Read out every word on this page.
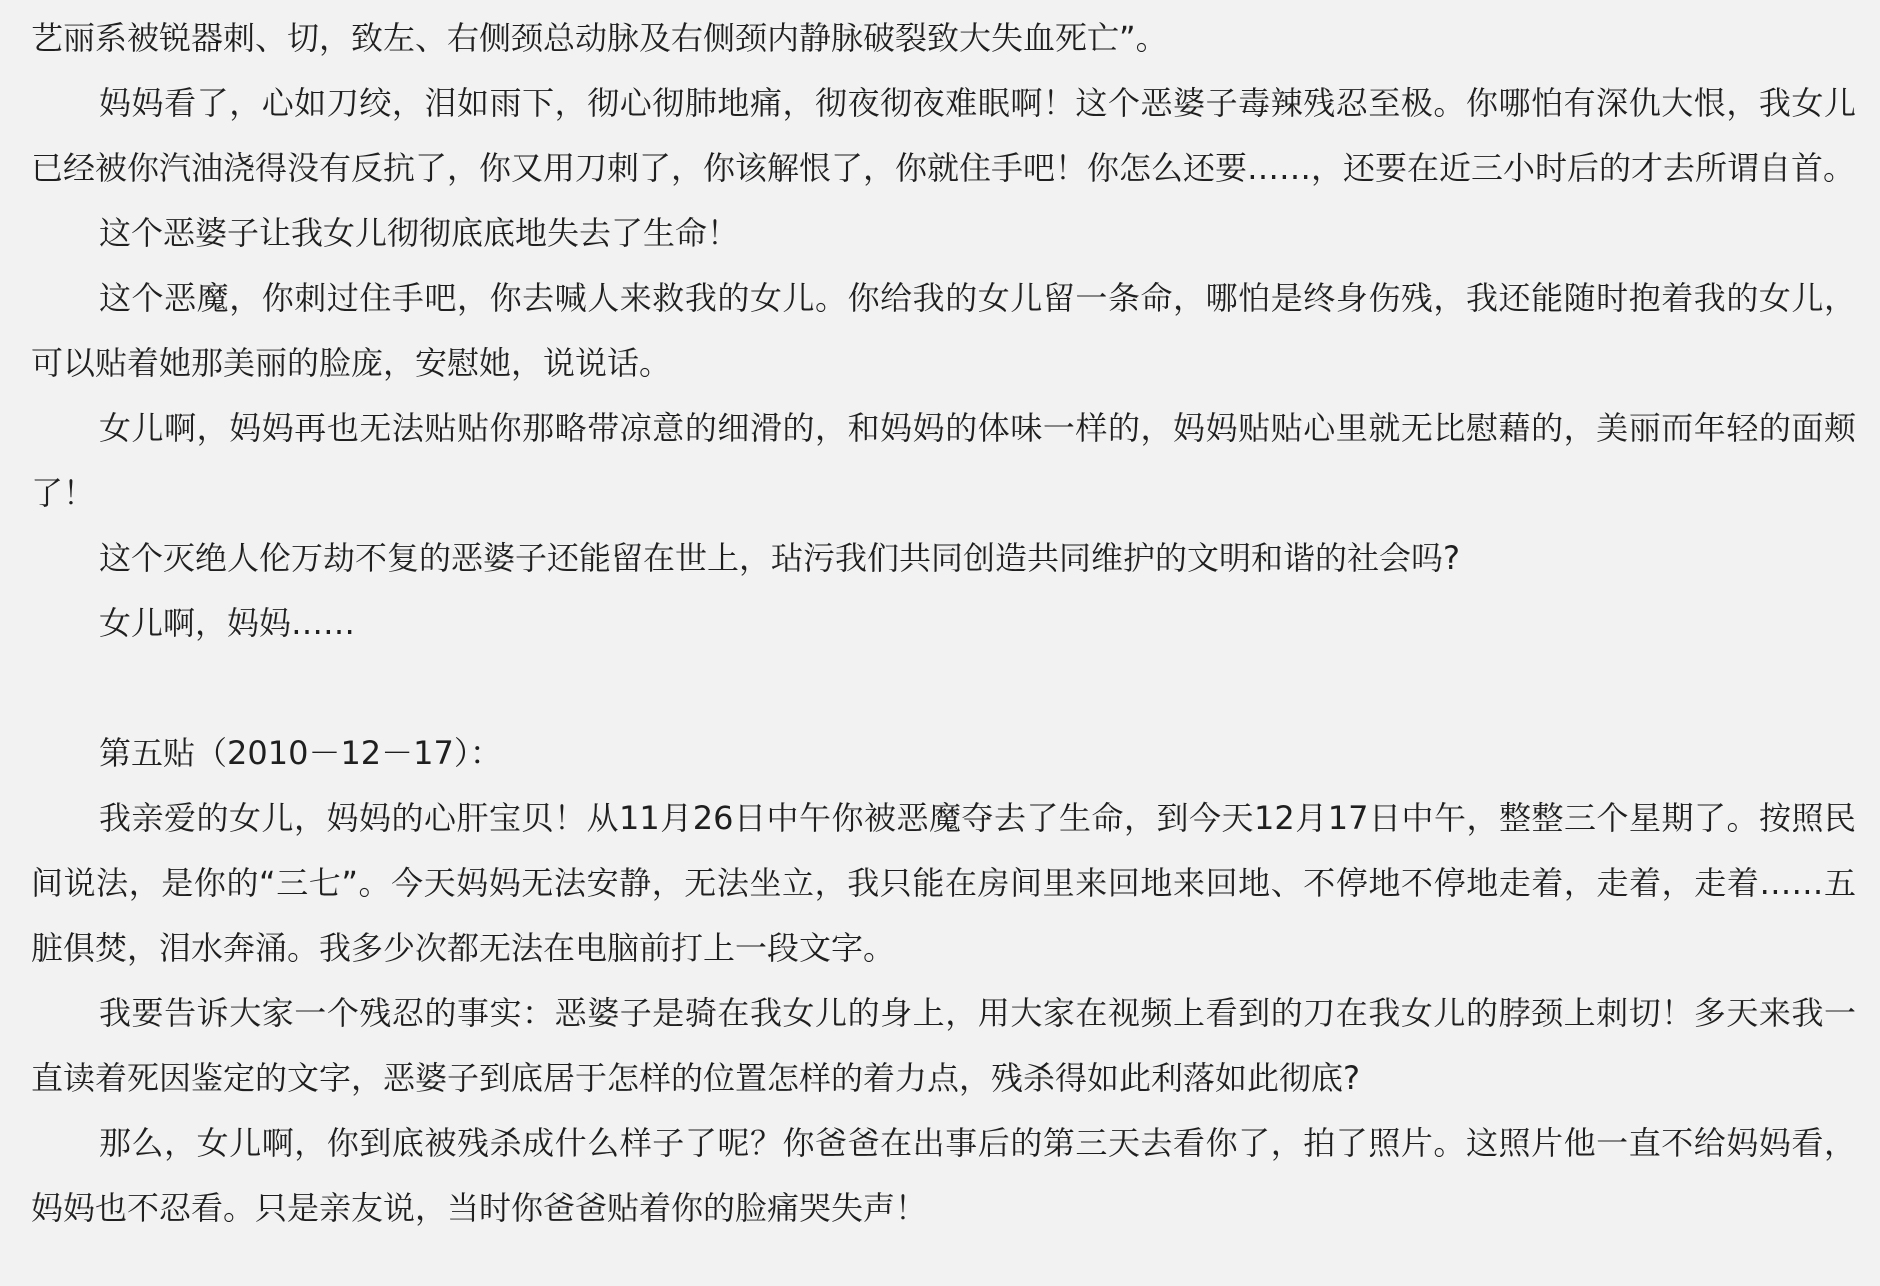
艺丽系被锐器刺、切，致左、右侧颈总动脉及右侧颈内静脉破裂致大失血死亡”。

妈妈看了，心如刀绞，泪如雨下，彻心彻肺地痛，彻夜彻夜难眠啊！这个恶婆子毒辣残忍至极。你哪怕有深仇大恨，我女儿已经被你汽油浇得没有反抗了，你又用刀刺了，你该解恨了，你就住手吧！你怎么还要……，还要在近三小时后的才去所谓自首。

这个恶婆子让我女儿彻彻底底地失去了生命！

这个恶魔，你刺过住手吧，你去喊人来救我的女儿。你给我的女儿留一条命，哪怕是终身伤残，我还能随时抱着我的女儿，可以贴着她那美丽的脸庞，安慰她，说说话。

女儿啊，妈妈再也无法贴贴你那略带凉意的细滑的，和妈妈的体味一样的，妈妈贴贴心里就无比慰藉的，美丽而年轻的面颊了！

这个灭绝人伦万劫不复的恶婆子还能留在世上，玷污我们共同创造共同维护的文明和谐的社会吗?

女儿啊，妈妈……

第五贴（2010－12－17）：

我亲爱的女儿，妈妈的心肝宝贝！从11月26日中午你被恶魔夺去了生命，到今天12月17日中午，整整三个星期了。按照民间说法，是你的“三七”。今天妈妈无法安静，无法坐立，我只能在房间里来回地来回地、不停地不停地走着，走着，走着……五脏俱焚，泪水奔涌。我多少次都无法在电脑前打上一段文字。

我要告诉大家一个残忍的事实：恶婆子是骑在我女儿的身上，用大家在视频上看到的刀在我女儿的脖颈上刺切！多天来我一直读着死因鉴定的文字，恶婆子到底居于怎样的位置怎样的着力点，残杀得如此利落如此彻底?

那么，女儿啊，你到底被残杀成什么样子了呢？你爸爸在出事后的第三天去看你了，拍了照片。这照片他一直不给妈妈看，妈妈也不忍看。只是亲友说，当时你爸爸贴着你的脸痛哭失声！
